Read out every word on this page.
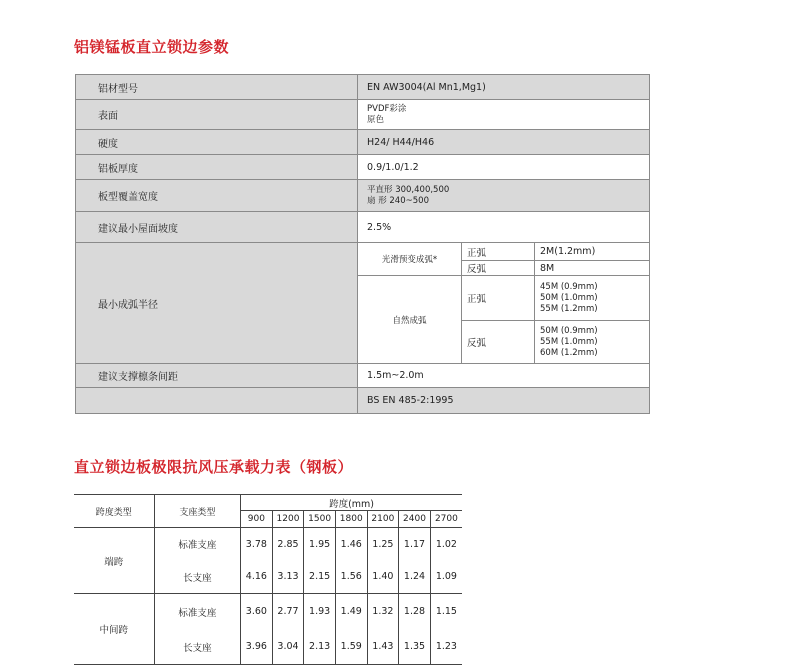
铝镁锰板直立锁边参数
铝材型号	EN AW3004(Al Mn1,Mg1)		
表面	PVDF彩涂
原色		

硬度	H24/ H44/H46		
铝板厚度	0.9/1.0/1.2		
板型覆盖宽度	平直形 300,400,500
扇 形 240~500		

建议最小屋面坡度	2.5%		
最小成弧半径	光滑预变成弧*	正弧	2M(1.2mm)
		反弧	8M
	自然成弧	正弧	45M (0.9mm)
50M (1.0mm)
55M (1.2mm)

		反弧	50M (0.9mm)
55M (1.0mm)
60M (1.2mm)

建议支撑檩条间距	1.5m~2.0m		
	BS EN 485-2:1995		
直立锁边板极限抗风压承载力表（钢板）
跨度类型	支座类型	跨度(mm)						
		900	1200	1500	1800	2100	2400	2700
端跨	标准支座	3.78	2.85	1.95	1.46	1.25	1.17	1.02
	长支座	4.16	3.13	2.15	1.56	1.40	1.24	1.09
中间跨	标准支座	3.60	2.77	1.93	1.49	1.32	1.28	1.15
	长支座	3.96	3.04	2.13	1.59	1.43	1.35	1.23
